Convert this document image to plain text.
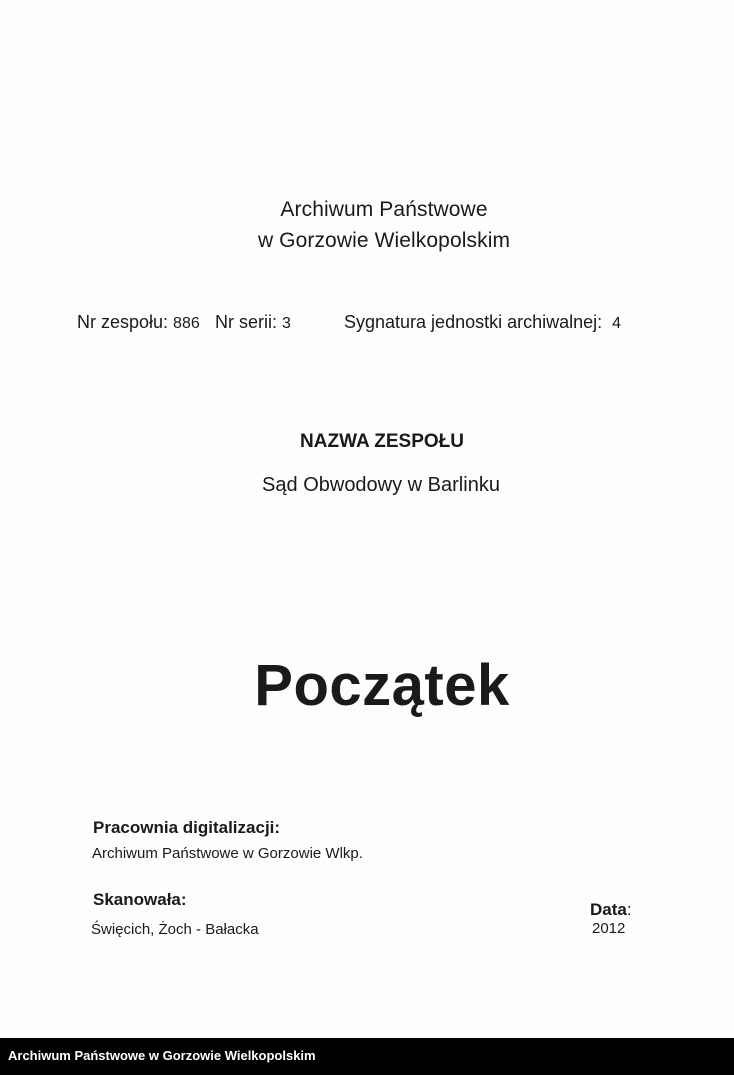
Archiwum Państwowe
w Gorzowie Wielkopolskim
Nr zespołu: 886 Nr serii: 3	Sygnatura jednostki archiwalnej: 4
NAZWA ZESPOŁU
Sąd Obwodowy w Barlinku
Początek
Pracownia digitalizacji:
Archiwum Państwowe w Gorzowie Wlkp.
Skanowała:
Święcich, Żoch - Bałacka
Data:
2012
Archiwum Państwowe w Gorzowie Wielkopolskim
